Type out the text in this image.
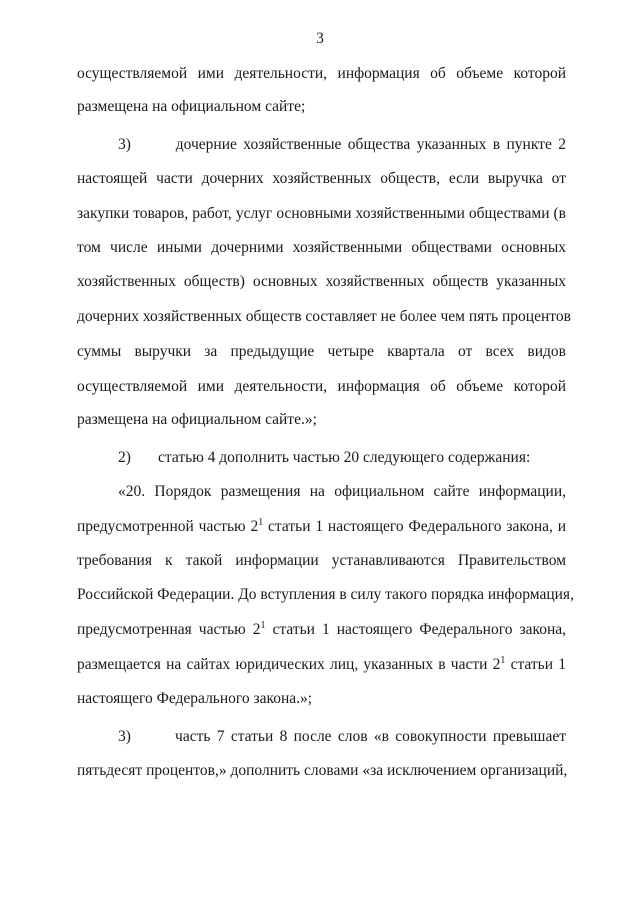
3
осуществляемой ими деятельности, информация об объеме которой
размещена на официальном сайте;
3)       дочерние хозяйственные общества указанных в пункте 2
настоящей части дочерних хозяйственных обществ, если выручка от
закупки товаров, работ, услуг основными хозяйственными обществами (в
том числе иными дочерними хозяйственными обществами основных
хозяйственных обществ) основных хозяйственных обществ указанных
дочерних хозяйственных обществ составляет не более чем пять процентов
суммы выручки за предыдущие четыре квартала от всех видов
осуществляемой ими деятельности, информация об объеме которой
размещена на официальном сайте.»;
2)       статью 4 дополнить частью 20 следующего содержания:
«20. Порядок размещения на официальном сайте информации,
предусмотренной частью $2^1$ статьи 1 настоящего Федерального закона, и
требования к такой информации устанавливаются Правительством
Российской Федерации. До вступления в силу такого порядка информация,
предусмотренная частью $2^1$ статьи 1 настоящего Федерального закона,
размещается на сайтах юридических лиц, указанных в части $2^1$ статьи 1
настоящего Федерального закона.»;
3)       часть 7 статьи 8 после слов «в совокупности превышает
пятьдесят процентов,» дополнить словами «за исключением организаций,
